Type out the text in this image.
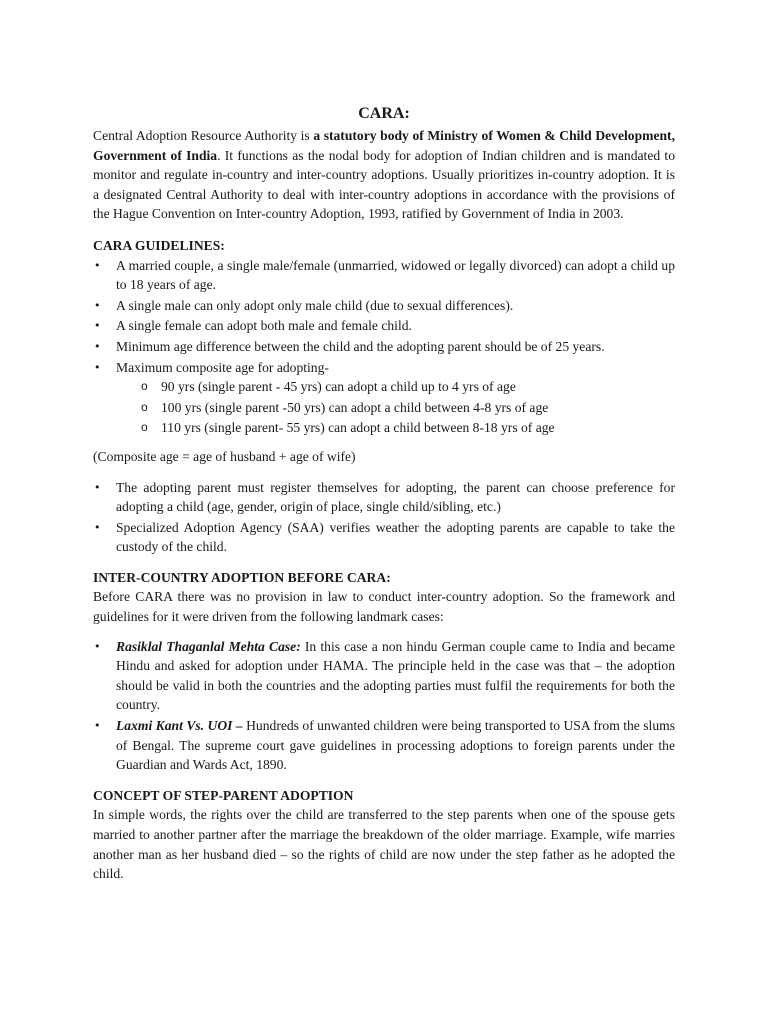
CARA:

Central Adoption Resource Authority is a statutory body of Ministry of Women & Child Development, Government of India. It functions as the nodal body for adoption of Indian children and is mandated to monitor and regulate in-country and inter-country adoptions. Usually prioritizes in-country adoption. It is a designated Central Authority to deal with inter-country adoptions in accordance with the provisions of the Hague Convention on Inter-country Adoption, 1993, ratified by Government of India in 2003.

CARA GUIDELINES:
• A married couple, a single male/female (unmarried, widowed or legally divorced) can adopt a child up to 18 years of age.
• A single male can only adopt only male child (due to sexual differences).
• A single female can adopt both male and female child.
• Minimum age difference between the child and the adopting parent should be of 25 years.
• Maximum composite age for adopting-
o 90 yrs (single parent - 45 yrs) can adopt a child up to 4 yrs of age
o 100 yrs (single parent -50 yrs) can adopt a child between 4-8 yrs of age
o 110 yrs (single parent- 55 yrs) can adopt a child between 8-18 yrs of age

(Composite age = age of husband + age of wife)

• The adopting parent must register themselves for adopting, the parent can choose preference for adopting a child (age, gender, origin of place, single child/sibling, etc.)
• Specialized Adoption Agency (SAA) verifies weather the adopting parents are capable to take the custody of the child.
INTER-COUNTRY ADOPTION BEFORE CARA:

Before CARA there was no provision in law to conduct inter-country adoption. So the framework and guidelines for it were driven from the following landmark cases:

• Rasiklal Thaganlal Mehta Case: In this case a non hindu German couple came to India and became Hindu and asked for adoption under HAMA. The principle held in the case was that – the adoption should be valid in both the countries and the adopting parties must fulfil the requirements for both the country.
• Laxmi Kant Vs. UOI – Hundreds of unwanted children were being transported to USA from the slums of Bengal. The supreme court gave guidelines in processing adoptions to foreign parents under the Guardian and Wards Act, 1890.
CONCEPT OF STEP-PARENT ADOPTION

In simple words, the rights over the child are transferred to the step parents when one of the spouse gets married to another partner after the marriage the breakdown of the older marriage. Example, wife marries another man as her husband died – so the rights of child are now under the step father as he adopted the child.
